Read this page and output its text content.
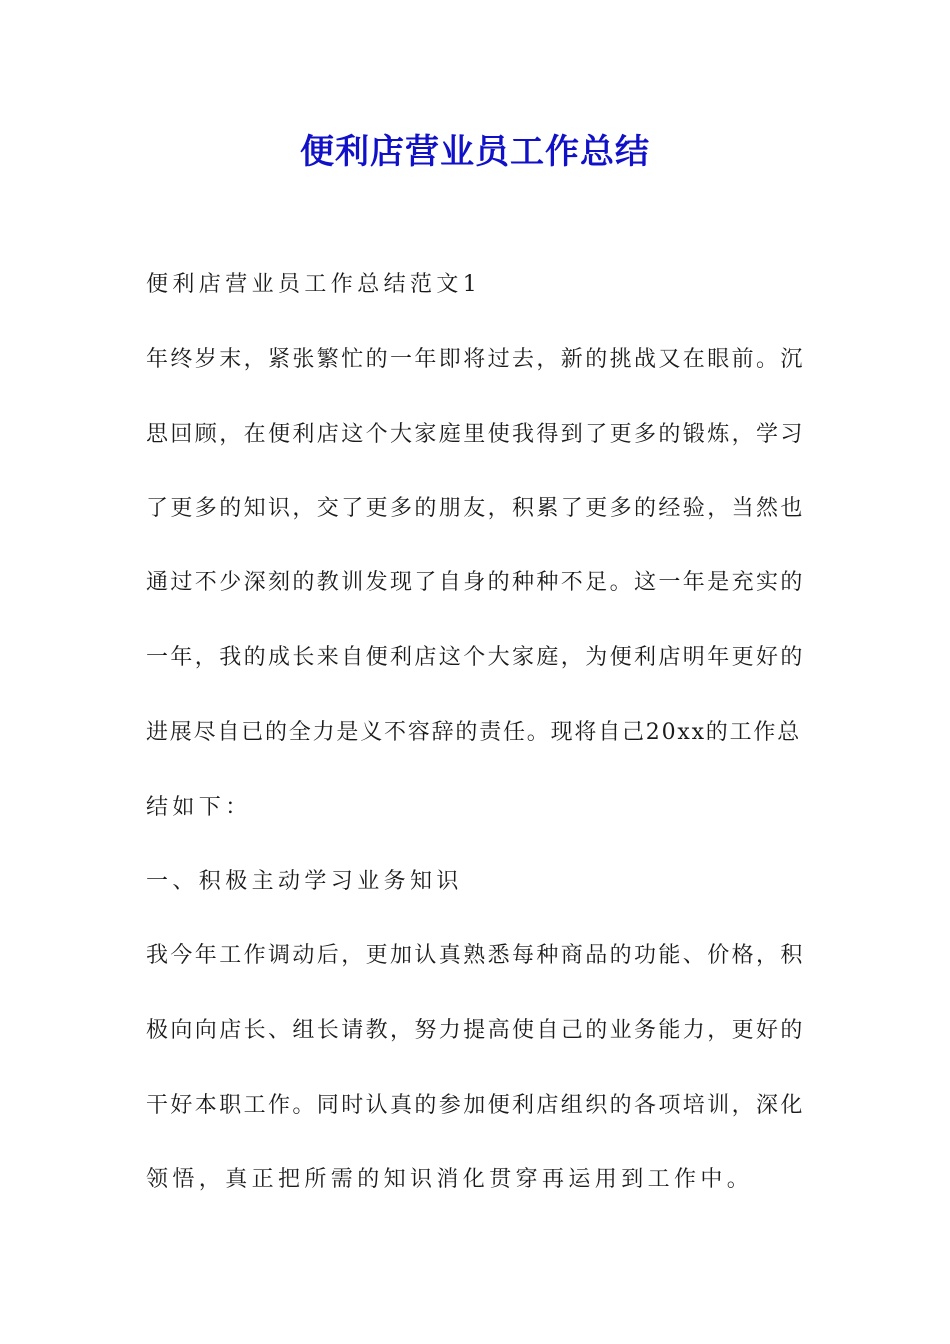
便利店营业员工作总结

便利店营业员工作总结范文1

年终岁末，紧张繁忙的一年即将过去，新的挑战又在眼前。沉

思回顾，在便利店这个大家庭里使我得到了更多的锻炼，学习

了更多的知识，交了更多的朋友，积累了更多的经验，当然也

通过不少深刻的教训发现了自身的种种不足。这一年是充实的

一年，我的成长来自便利店这个大家庭，为便利店明年更好的

进展尽自已的全力是义不容辞的责任。现将自己20xx的工作总

结如下：

一、积极主动学习业务知识

我今年工作调动后，更加认真熟悉每种商品的功能、价格，积

极向向店长、组长请教，努力提高使自己的业务能力，更好的

干好本职工作。同时认真的参加便利店组织的各项培训，深化

领悟，真正把所需的知识消化贯穿再运用到工作中。
